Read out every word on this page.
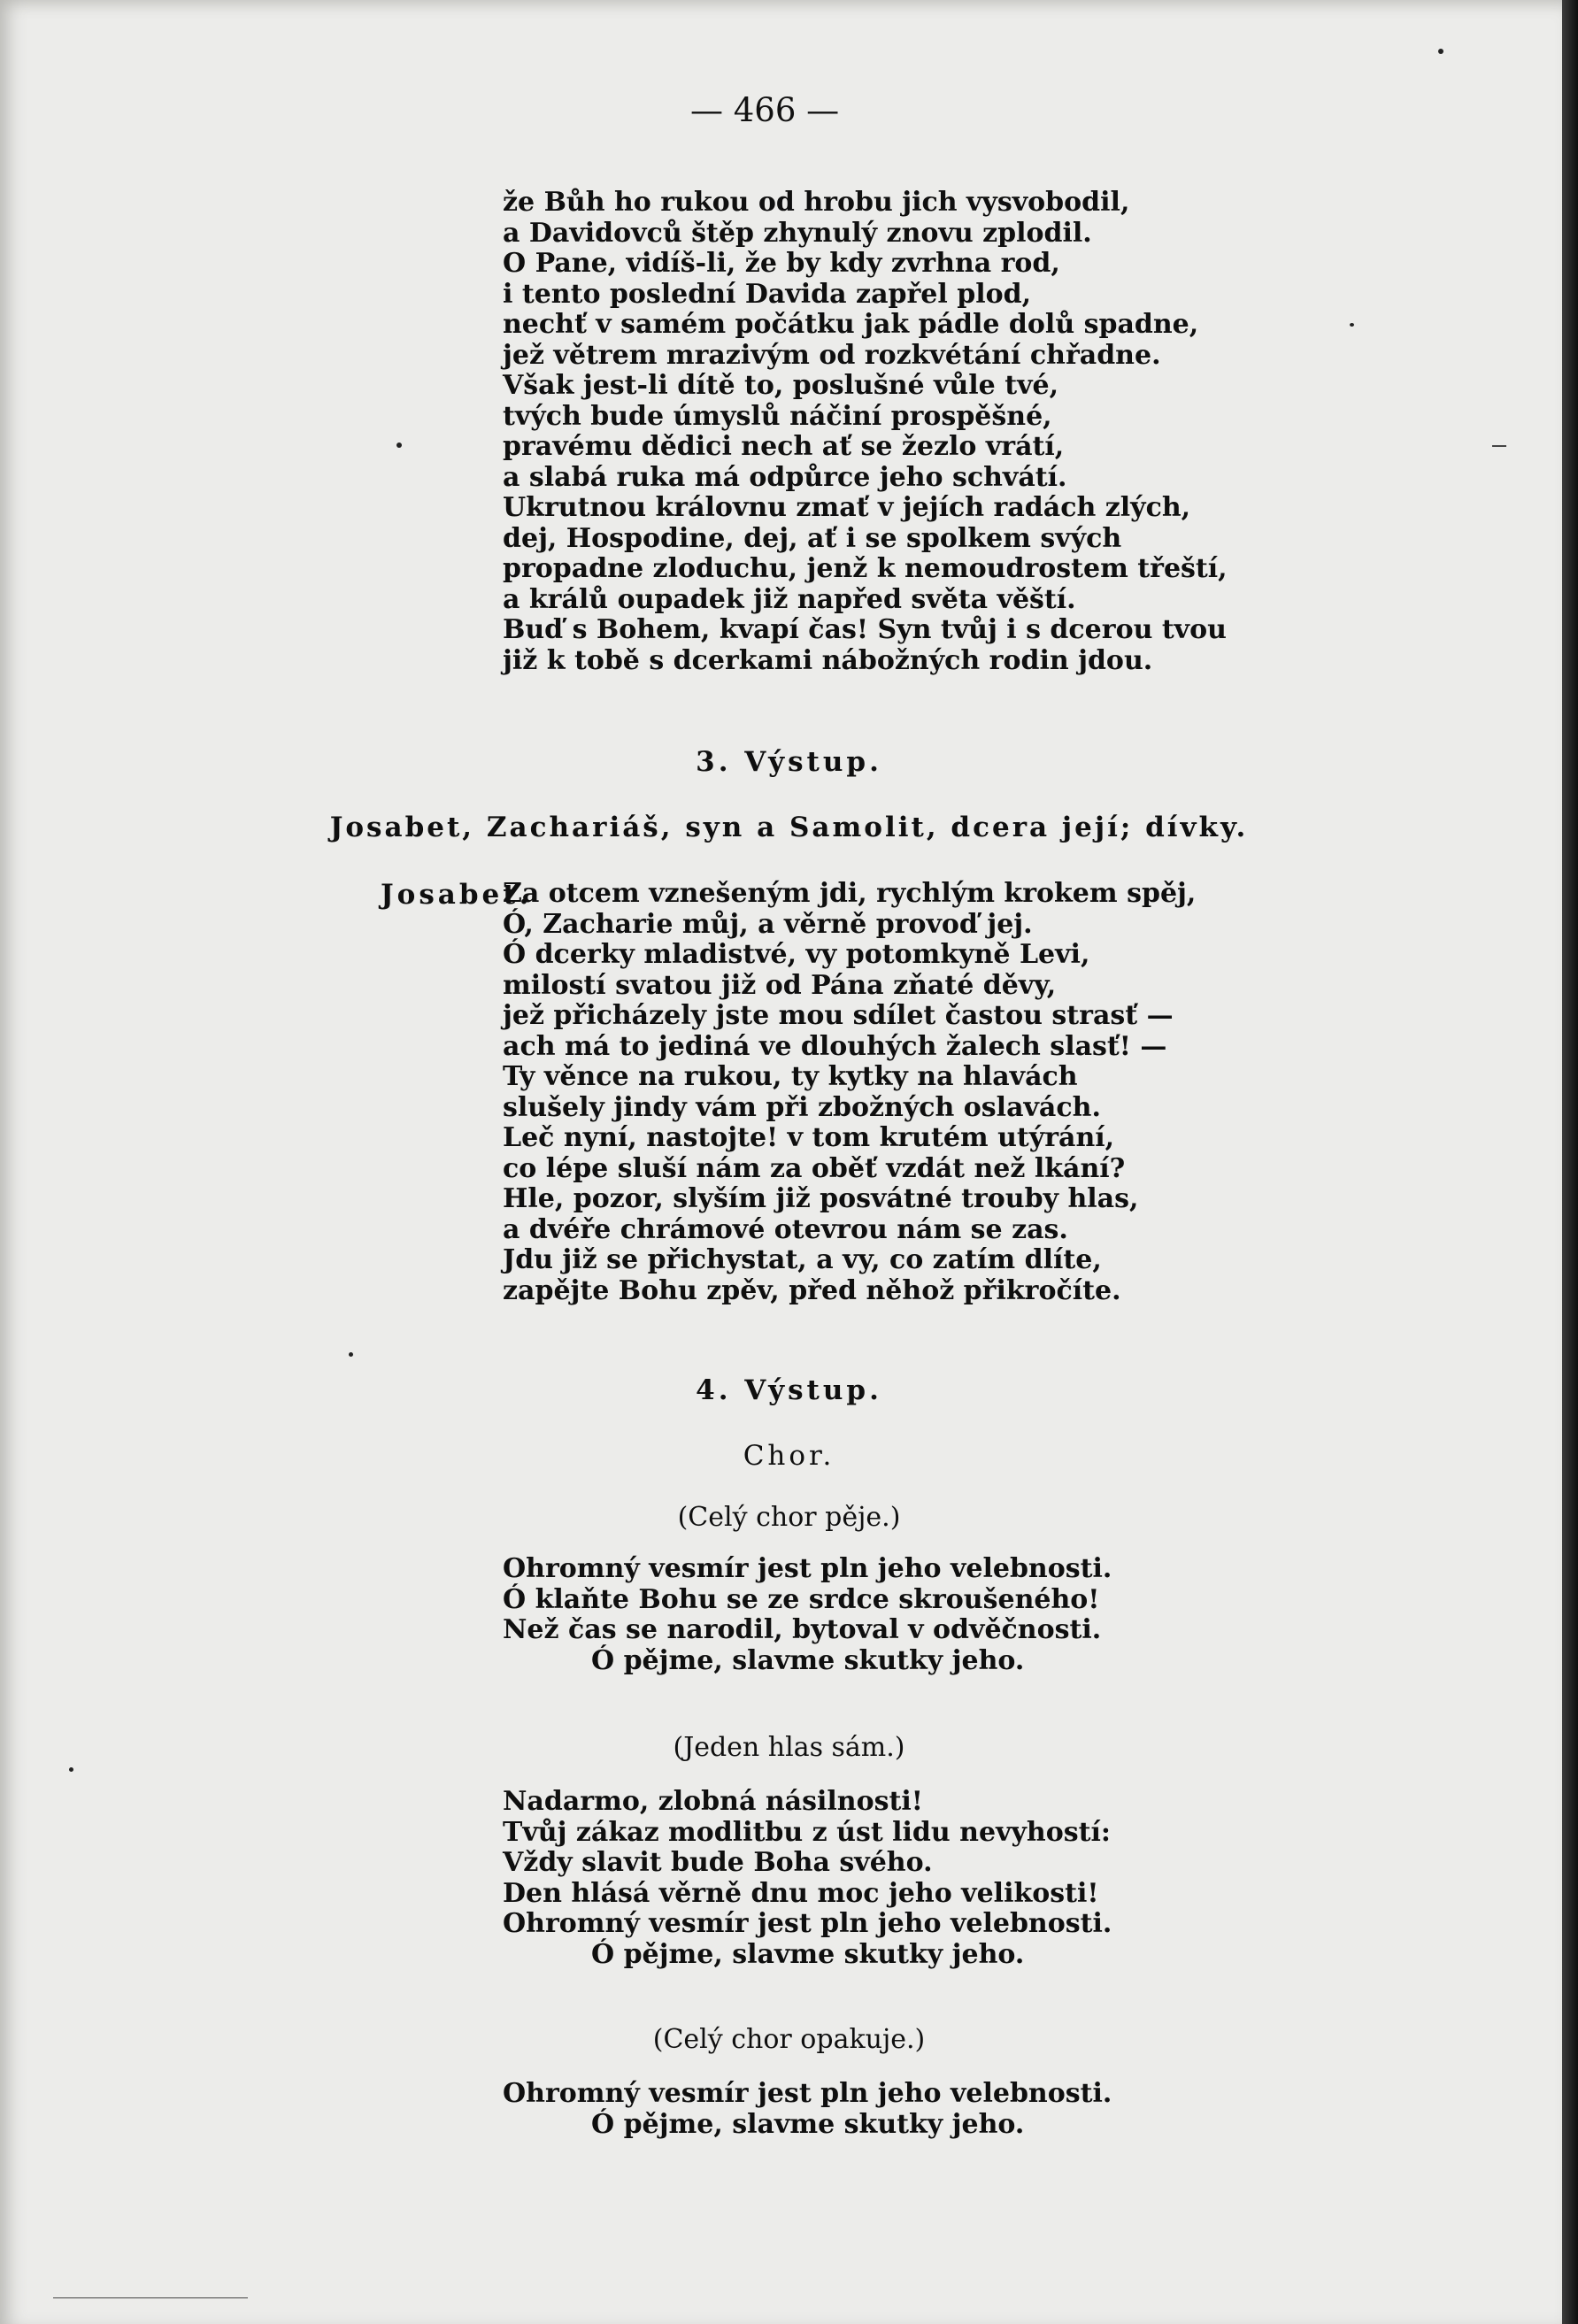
— 466 —
že Bůh ho rukou od hrobu jich vysvobodil,
a Davidovců štěp zhynulý znovu zplodil.
O Pane, vidíš-li, že by kdy zvrhna rod,
i tento poslední Davida zapřel plod,
nechť v samém počátku jak pádle dolů spadne,
jež větrem mrazivým od rozkvétání chřadne.
Však jest-li dítě to, poslušné vůle tvé,
tvých bude úmyslů náčiní prospěšné,
pravému dědici nech ať se žezlo vrátí,
a slabá ruka má odpůrce jeho schvátí.
Ukrutnou královnu zmať v jejích radách zlých,
dej, Hospodine, dej, ať i se spolkem svých
propadne zloduchu, jenž k nemoudrostem třeští,
a králů oupadek již napřed světa věští.
Buď s Bohem, kvapí čas! Syn tvůj i s dcerou tvou
již k tobě s dcerkami nábožných rodin jdou.
3. Výstup.
Josabet, Zachariáš, syn a Samolit, dcera její; dívky.
Josabet.
Za otcem vznešeným jdi, rychlým krokem spěj,
Ó, Zacharie můj, a věrně provoď jej.
Ó dcerky mladistvé, vy potomkyně Levi,
milostí svatou již od Pána zňaté děvy,
jež přicházely jste mou sdílet častou strasť —
ach má to jediná ve dlouhých žalech slasť! —
Ty věnce na rukou, ty kytky na hlavách
slušely jindy vám při zbožných oslavách.
Leč nyní, nastojte! v tom krutém utýrání,
co lépe sluší nám za oběť vzdát než lkání?
Hle, pozor, slyším již posvátné trouby hlas,
a dvéře chrámové otevrou nám se zas.
Jdu již se přichystat, a vy, co zatím dlíte,
zapějte Bohu zpěv, před něhož přikročíte.
4. Výstup.
Chor.
(Celý chor pěje.)
Ohromný vesmír jest pln jeho velebnosti.
Ó klaňte Bohu se ze srdce skroušeného!
Než čas se narodil, bytoval v odvěčnosti.
Ó pějme, slavme skutky jeho.
(Jeden hlas sám.)
Nadarmo, zlobná násilnosti!
Tvůj zákaz modlitbu z úst lidu nevyhostí:
Vždy slavit bude Boha svého.
Den hlásá věrně dnu moc jeho velikosti!
Ohromný vesmír jest pln jeho velebnosti.
Ó pějme, slavme skutky jeho.
(Celý chor opakuje.)
Ohromný vesmír jest pln jeho velebnosti.
Ó pějme, slavme skutky jeho.
